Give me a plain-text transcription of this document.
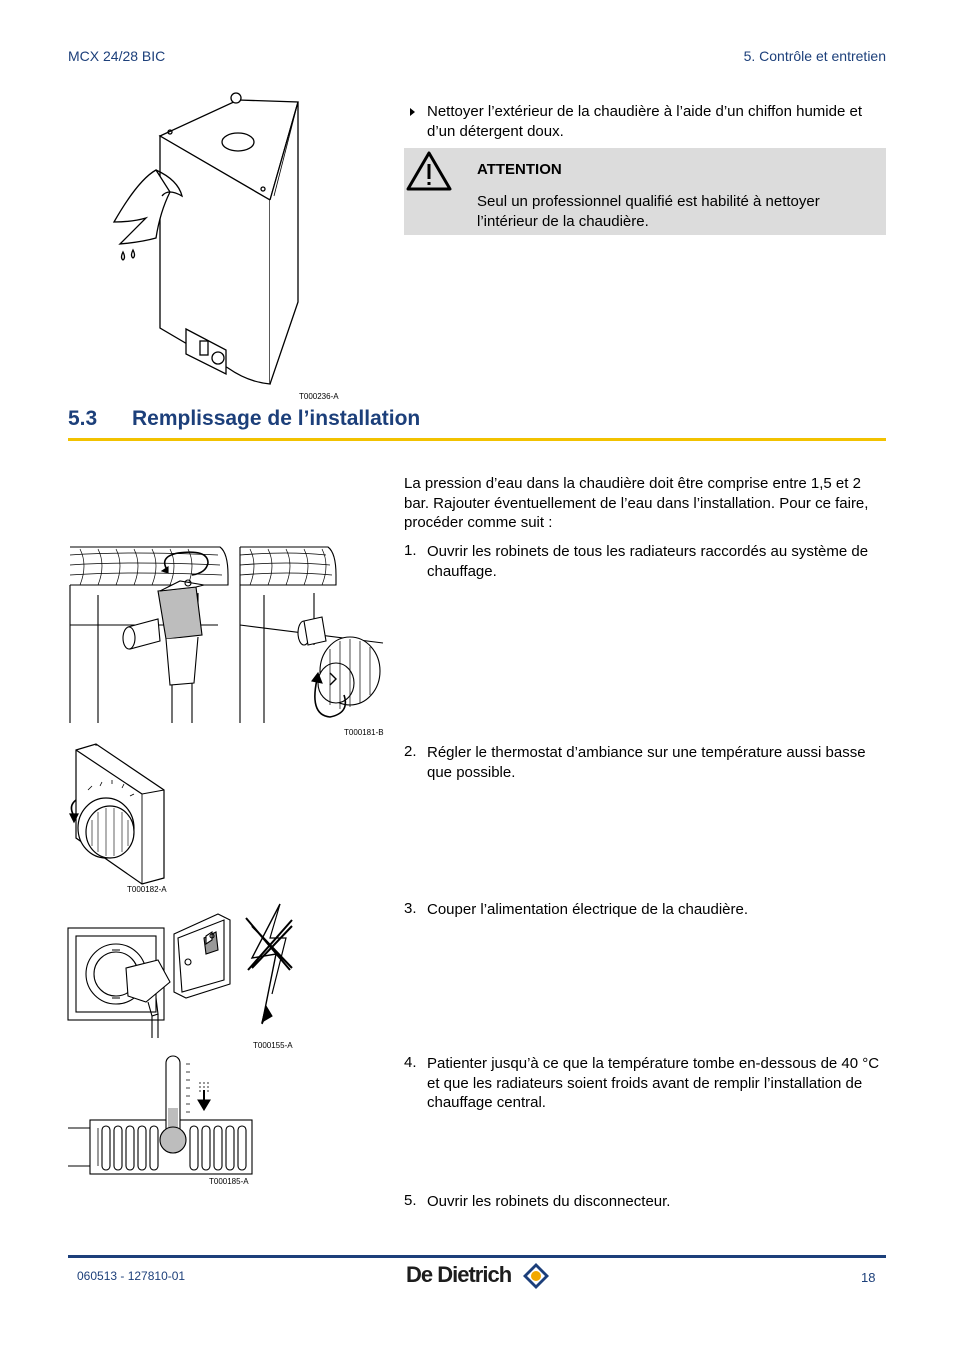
MCX 24/28 BIC	5. Contrôle et entretien
T000236-A
Nettoyer l’extérieur de la chaudière à l’aide d’un chiffon humide et d’un détergent doux.
ATTENTION
Seul un professionnel qualifié est habilité à nettoyer l’intérieur de la chaudière.
5.3 Remplissage de l’installation
La pression d’eau dans la chaudière doit être comprise entre 1,5 et 2 bar. Rajouter éventuellement de l’eau dans l’installation. Pour ce faire, procéder comme suit :
1. Ouvrir les robinets de tous les radiateurs raccordés au système de chauffage.
2. Régler le thermostat d’ambiance sur une température aussi basse que possible.
3. Couper l’alimentation électrique de la chaudière.
4. Patienter jusqu’à ce que la température tombe en-dessous de 40 °C et que les radiateurs soient froids avant de remplir l’installation de chauffage central.
5. Ouvrir les robinets du disconnecteur.
T000181-B
T000182-A
T000155-A
T000185-A
060513 - 127810-01	De Dietrich	18
